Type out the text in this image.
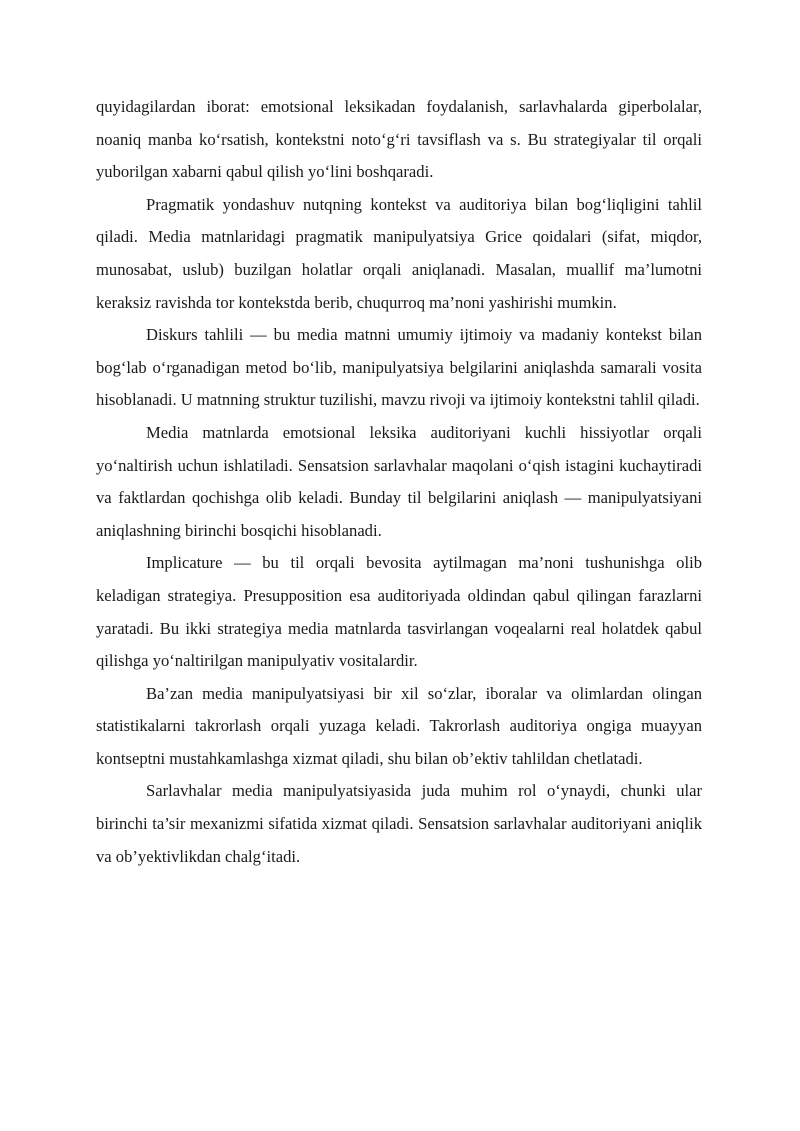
quyidagilardan iborat: emotsional leksikadan foydalanish, sarlavhalarda giperbolalar, noaniq manba ko‘rsatish, kontekstni noto‘g‘ri tavsiflash va s. Bu strategiyalar til orqali yuborilgan xabarni qabul qilish yo‘lini boshqaradi.

Pragmatik yondashuv nutqning kontekst va auditoriya bilan bog‘liqligini tahlil qiladi. Media matnlaridagi pragmatik manipulyatsiya Grice qoidalari (sifat, miqdor, munosabat, uslub) buzilgan holatlar orqali aniqlanadi. Masalan, muallif ma’lumotni keraksiz ravishda tor kontekstda berib, chuqurroq ma’noni yashirishi mumkin.

Diskurs tahlili — bu media matnni umumiy ijtimoiy va madaniy kontekst bilan bog‘lab o‘rganadigan metod bo‘lib, manipulyatsiya belgilarini aniqlashda samarali vosita hisoblanadi. U matnning struktur tuzilishi, mavzu rivoji va ijtimoiy kontekstni tahlil qiladi.

Media matnlarda emotsional leksika auditoriyani kuchli hissiyotlar orqali yo‘naltirish uchun ishlatiladi. Sensatsion sarlavhalar maqolani o‘qish istagini kuchaytiradi va faktlardan qochishga olib keladi. Bunday til belgilarini aniqlash — manipulyatsiyani aniqlashning birinchi bosqichi hisoblanadi.

Implicature — bu til orqali bevosita aytilmagan ma’noni tushunishga olib keladigan strategiya. Presupposition esa auditoriyada oldindan qabul qilingan farazlarni yaratadi. Bu ikki strategiya media matnlarda tasvirlangan voqealarni real holatdek qabul qilishga yo‘naltirilgan manipulyativ vositalardir.

Ba’zan media manipulyatsiyasi bir xil so‘zlar, iboralar va olimlardan olingan statistikalarni takrorlash orqali yuzaga keladi. Takrorlash auditoriya ongiga muayyan kontseptni mustahkamlashga xizmat qiladi, shu bilan ob’ektiv tahlildan chetlatadi.

Sarlavhalar media manipulyatsiyasida juda muhim rol o‘ynaydi, chunki ular birinchi ta’sir mexanizmi sifatida xizmat qiladi. Sensatsion sarlavhalar auditoriyani aniqlik va ob’yektivlikdan chalg‘itadi.
